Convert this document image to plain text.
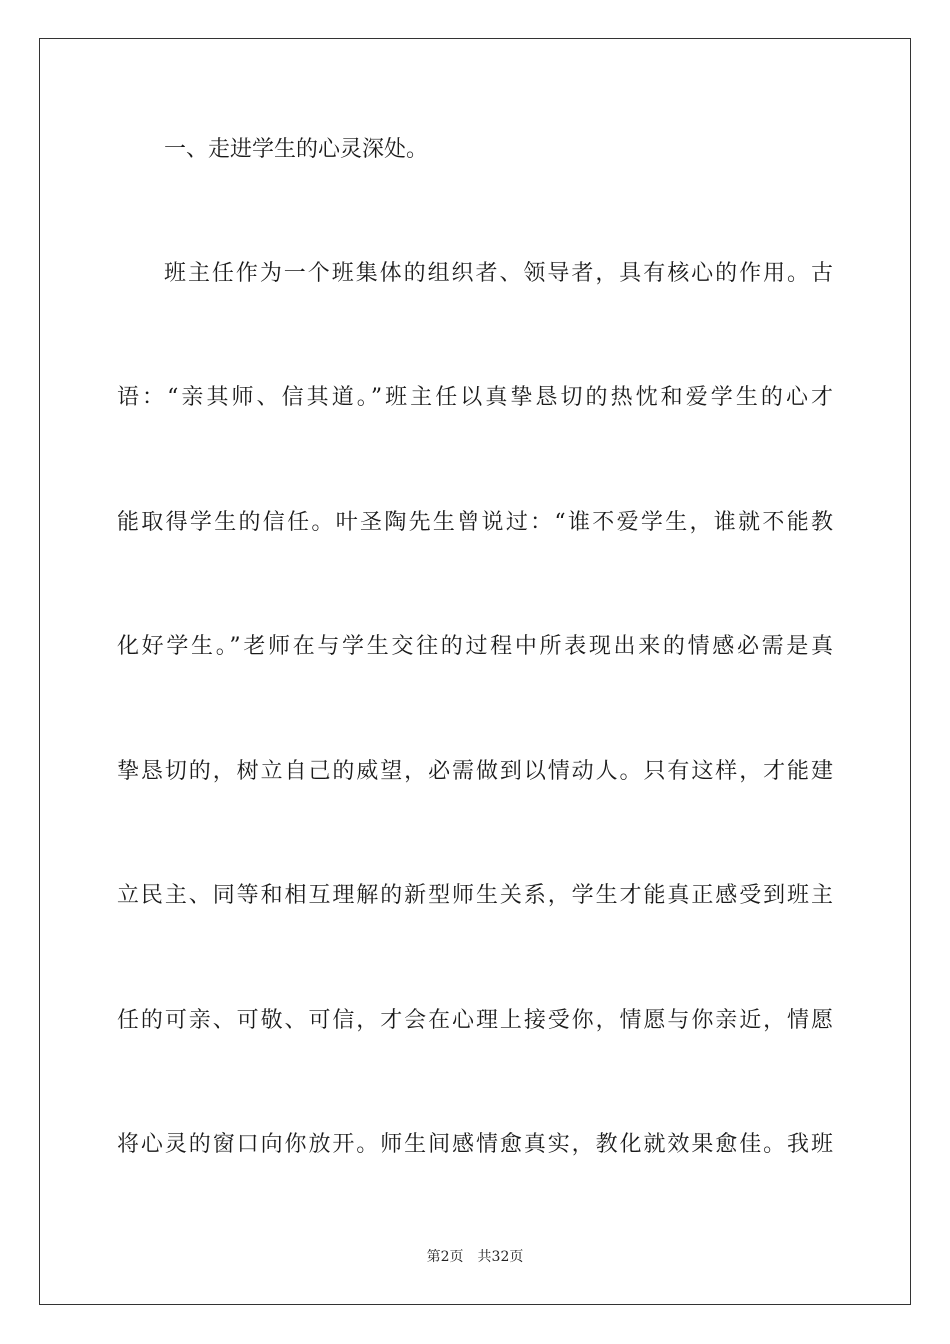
一、走进学生的心灵深处。
班主任作为一个班集体的组织者、领导者，具有核心的作用。古
语：“亲其师、信其道。”班主任以真挚恳切的热忱和爱学生的心才
能取得学生的信任。叶圣陶先生曾说过：“谁不爱学生，谁就不能教
化好学生。”老师在与学生交往的过程中所表现出来的情感必需是真
挚恳切的，树立自己的威望，必需做到以情动人。只有这样，才能建
立民主、同等和相互理解的新型师生关系，学生才能真正感受到班主
任的可亲、可敬、可信，才会在心理上接受你，情愿与你亲近，情愿
将心灵的窗口向你放开。师生间感情愈真实，教化就效果愈佳。我班
第2页 共32页
